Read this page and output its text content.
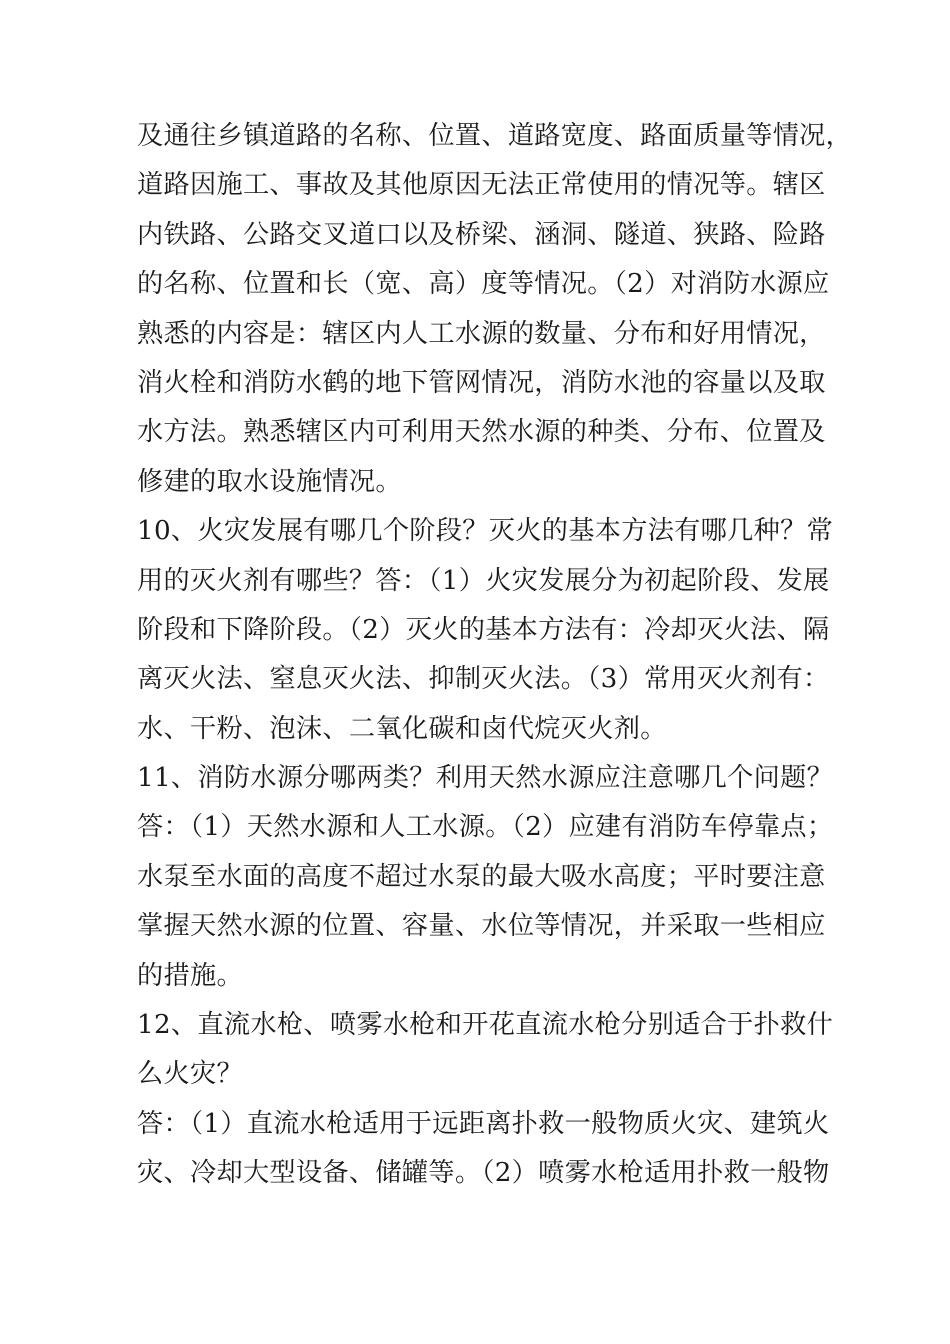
及通往乡镇道路的名称、位置、道路宽度、路面质量等情况，
道路因施工、事故及其他原因无法正常使用的情况等。辖区
内铁路、公路交叉道口以及桥梁、涵洞、隧道、狭路、险路
的名称、位置和长（宽、高）度等情况。（2）对消防水源应
熟悉的内容是：辖区内人工水源的数量、分布和好用情况，
消火栓和消防水鹤的地下管网情况，消防水池的容量以及取
水方法。熟悉辖区内可利用天然水源的种类、分布、位置及
修建的取水设施情况。
10、火灾发展有哪几个阶段？灭火的基本方法有哪几种？常
用的灭火剂有哪些？答：（1）火灾发展分为初起阶段、发展
阶段和下降阶段。（2）灭火的基本方法有：冷却灭火法、隔
离灭火法、窒息灭火法、抑制灭火法。（3）常用灭火剂有：
水、干粉、泡沫、二氧化碳和卤代烷灭火剂。
11、消防水源分哪两类？利用天然水源应注意哪几个问题？
答：（1）天然水源和人工水源。（2）应建有消防车停靠点；
水泵至水面的高度不超过水泵的最大吸水高度；平时要注意
掌握天然水源的位置、容量、水位等情况，并采取一些相应
的措施。
12、直流水枪、喷雾水枪和开花直流水枪分别适合于扑救什
么火灾？
答：（1）直流水枪适用于远距离扑救一般物质火灾、建筑火
灾、冷却大型设备、储罐等。（2）喷雾水枪适用扑救一般物
